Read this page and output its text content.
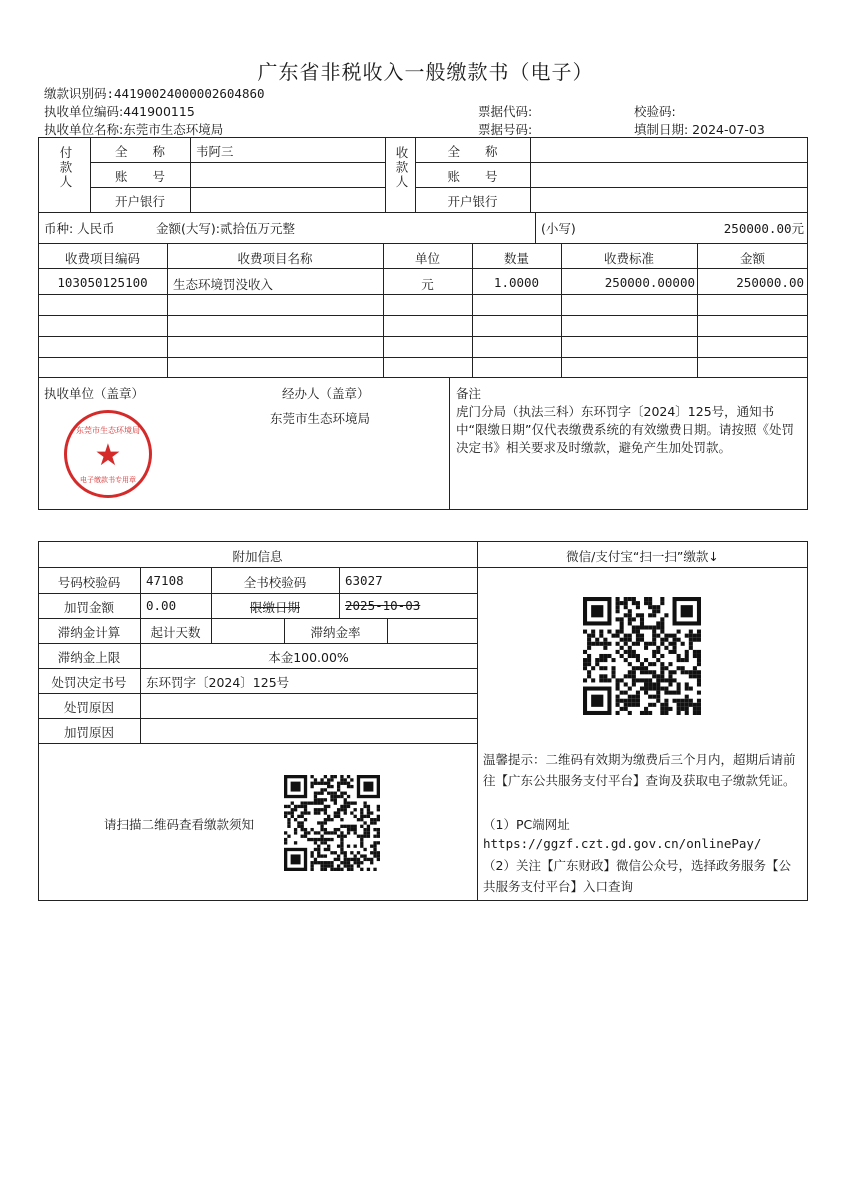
广东省非税收入一般缴款书（电子）
缴款识别码:4419002400000260486​0
执收单位编码:441900115
执收单位名称:东莞市生态环境局
票据代码:
票据号码:
校验码:
填制日期: 2024-07-03
付款人	全　　称	韦阿三
账　　号
开户银行
收款人	全　　称
账　　号
开户银行
币种: 人民币	金额(大写):贰拾伍万元整	(小写)	250000.00元
收费项目编码	收费项目名称	单位	数量	收费标准	金额
103050125100	生态环境罚没收入	元	1.0000	250000.00000	250000.00
执收单位（盖章）	经办人（盖章）
东莞市生态环境局
备注
虎门分局（执法三科）东环罚字〔2024〕125号，通知书中“限缴日期”仅代表缴费系统的有效缴费日期。请按照《处罚决定书》相关要求及时缴款，避免产生加处罚款。
东莞市生态环境局
★
电子缴款书专用章
附加信息	微信/支付宝“扫一扫”缴款↓
号码校验码	47108	全书校验码	63027
加罚金额	0.00	限缴日期	2025-10-03
滞纳金计算	起计天数	滞纳金率
滞纳金上限	本金100.00%
处罚决定书号	东环罚字〔2024〕125号
处罚原因
加罚原因
请扫描二维码查看缴款须知
温馨提示：二维码有效期为缴费后三个月内，超期后请前往【广东公共服务支付平台】查询及获取电子缴款凭证。
（1）PC端网址
https://ggzf.czt.gd.gov.cn/onlinePay/
（2）关注【广东财政】微信公众号，选择政务服务【公共服务支付平台】入口查询
